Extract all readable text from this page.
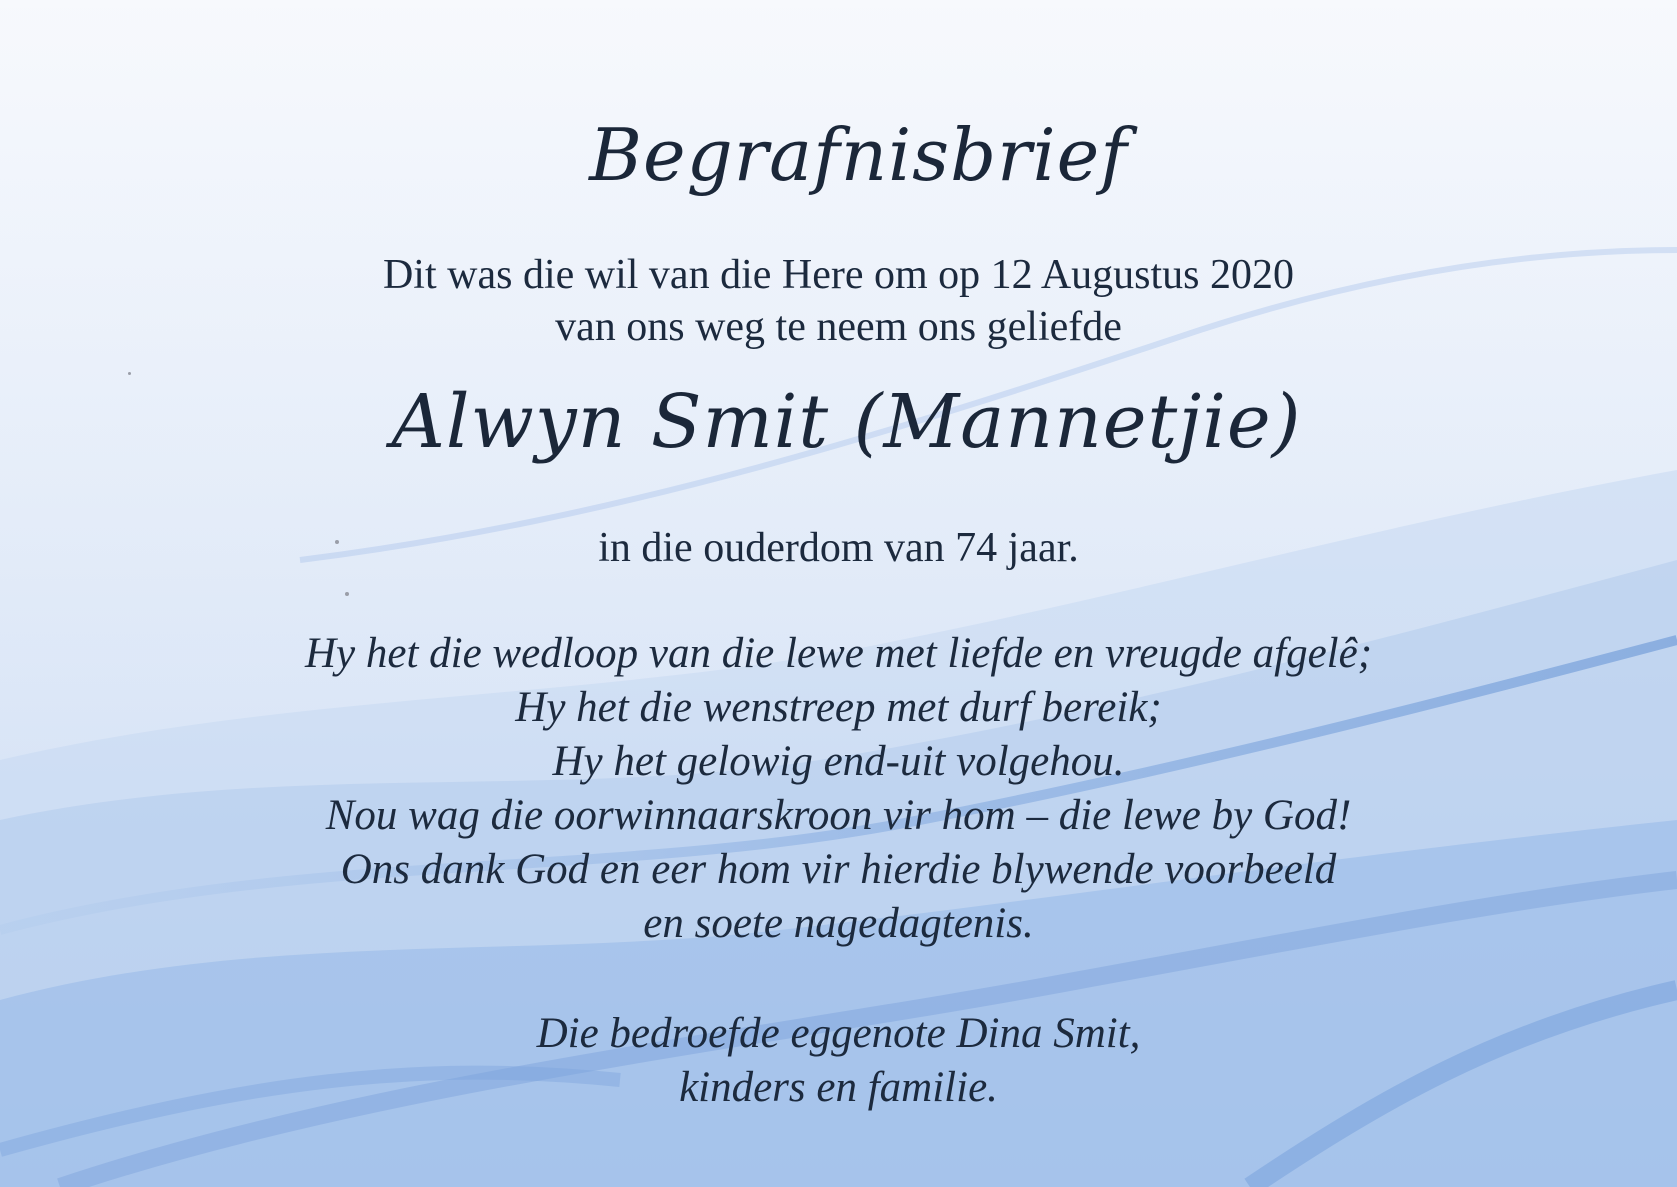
Begrafnisbrief
Dit was die wil van die Here om op 12 Augustus 2020
van ons weg te neem ons geliefde
Alwyn Smit (Mannetjie)
in die ouderdom van 74 jaar.
Hy het die wedloop van die lewe met liefde en vreugde afgelê;
Hy het die wenstreep met durf bereik;
Hy het gelowig end-uit volgehou.
Nou wag die oorwinnaarskroon vir hom – die lewe by God!
Ons dank God en eer hom vir hierdie blywende voorbeeld
en soete nagedagtenis.
Die bedroefde eggenote Dina Smit,
kinders en familie.
